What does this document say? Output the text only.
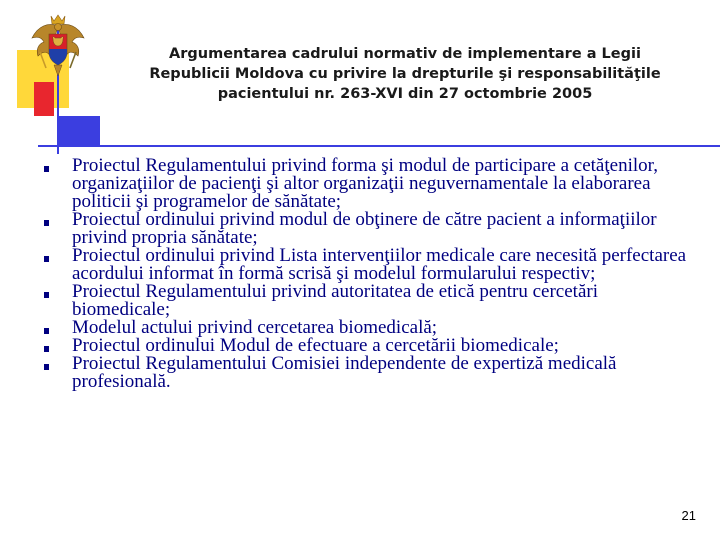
Argumentarea cadrului normativ de implementare a Legii
Republicii Moldova cu privire la drepturile şi responsabilităţile
pacientului nr. 263-XVI din 27 octombrie 2005
Proiectul Regulamentului privind forma şi modul de participare a cetăţenilor, organizaţiilor de pacienţi şi altor organizaţii neguvernamentale la elaborarea politicii şi programelor de sănătate;
Proiectul ordinului privind modul de obţinere de către pacient a informaţiilor privind propria sănătate;
Proiectul ordinului privind Lista intervenţiilor medicale care necesită perfectarea acordului informat în formă scrisă şi modelul formularului respectiv;
Proiectul Regulamentului privind autoritatea de etică pentru cercetări biomedicale;
Modelul actului privind cercetarea biomedicală;
Proiectul ordinului Modul de efectuare a cercetării biomedicale;
Proiectul Regulamentului Comisiei independente de expertiză medicală profesională.
21
